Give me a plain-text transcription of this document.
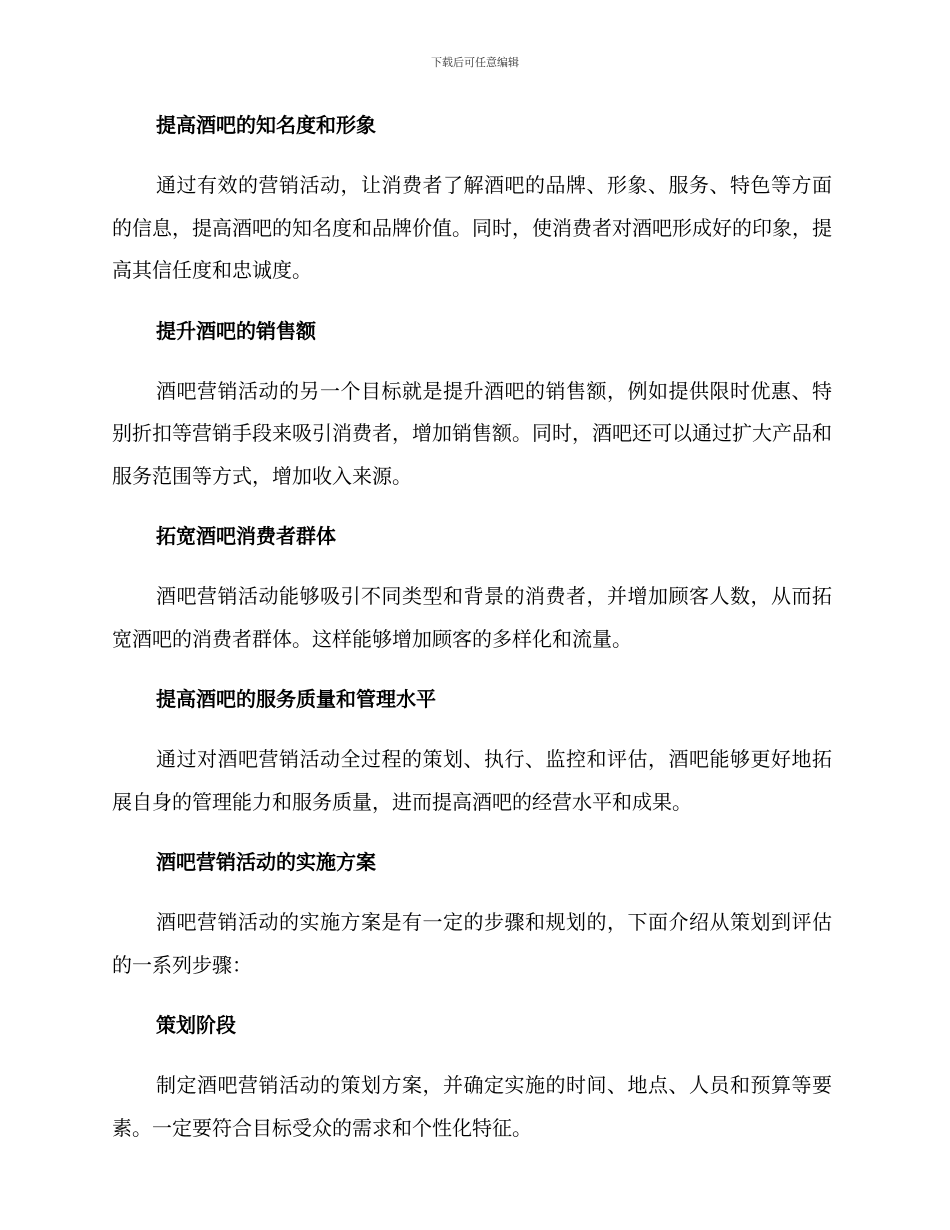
下载后可任意编辑
提高酒吧的知名度和形象

通过有效的营销活动，让消费者了解酒吧的品牌、形象、服务、特色等方面的信息，提高酒吧的知名度和品牌价值。同时，使消费者对酒吧形成好的印象，提高其信任度和忠诚度。

提升酒吧的销售额

酒吧营销活动的另一个目标就是提升酒吧的销售额，例如提供限时优惠、特别折扣等营销手段来吸引消费者，增加销售额。同时，酒吧还可以通过扩大产品和服务范围等方式，增加收入来源。

拓宽酒吧消费者群体

酒吧营销活动能够吸引不同类型和背景的消费者，并增加顾客人数，从而拓宽酒吧的消费者群体。这样能够增加顾客的多样化和流量。

提高酒吧的服务质量和管理水平

通过对酒吧营销活动全过程的策划、执行、监控和评估，酒吧能够更好地拓展自身的管理能力和服务质量，进而提高酒吧的经营水平和成果。

酒吧营销活动的实施方案

酒吧营销活动的实施方案是有一定的步骤和规划的，下面介绍从策划到评估的一系列步骤：

策划阶段

制定酒吧营销活动的策划方案，并确定实施的时间、地点、人员和预算等要素。一定要符合目标受众的需求和个性化特征。
